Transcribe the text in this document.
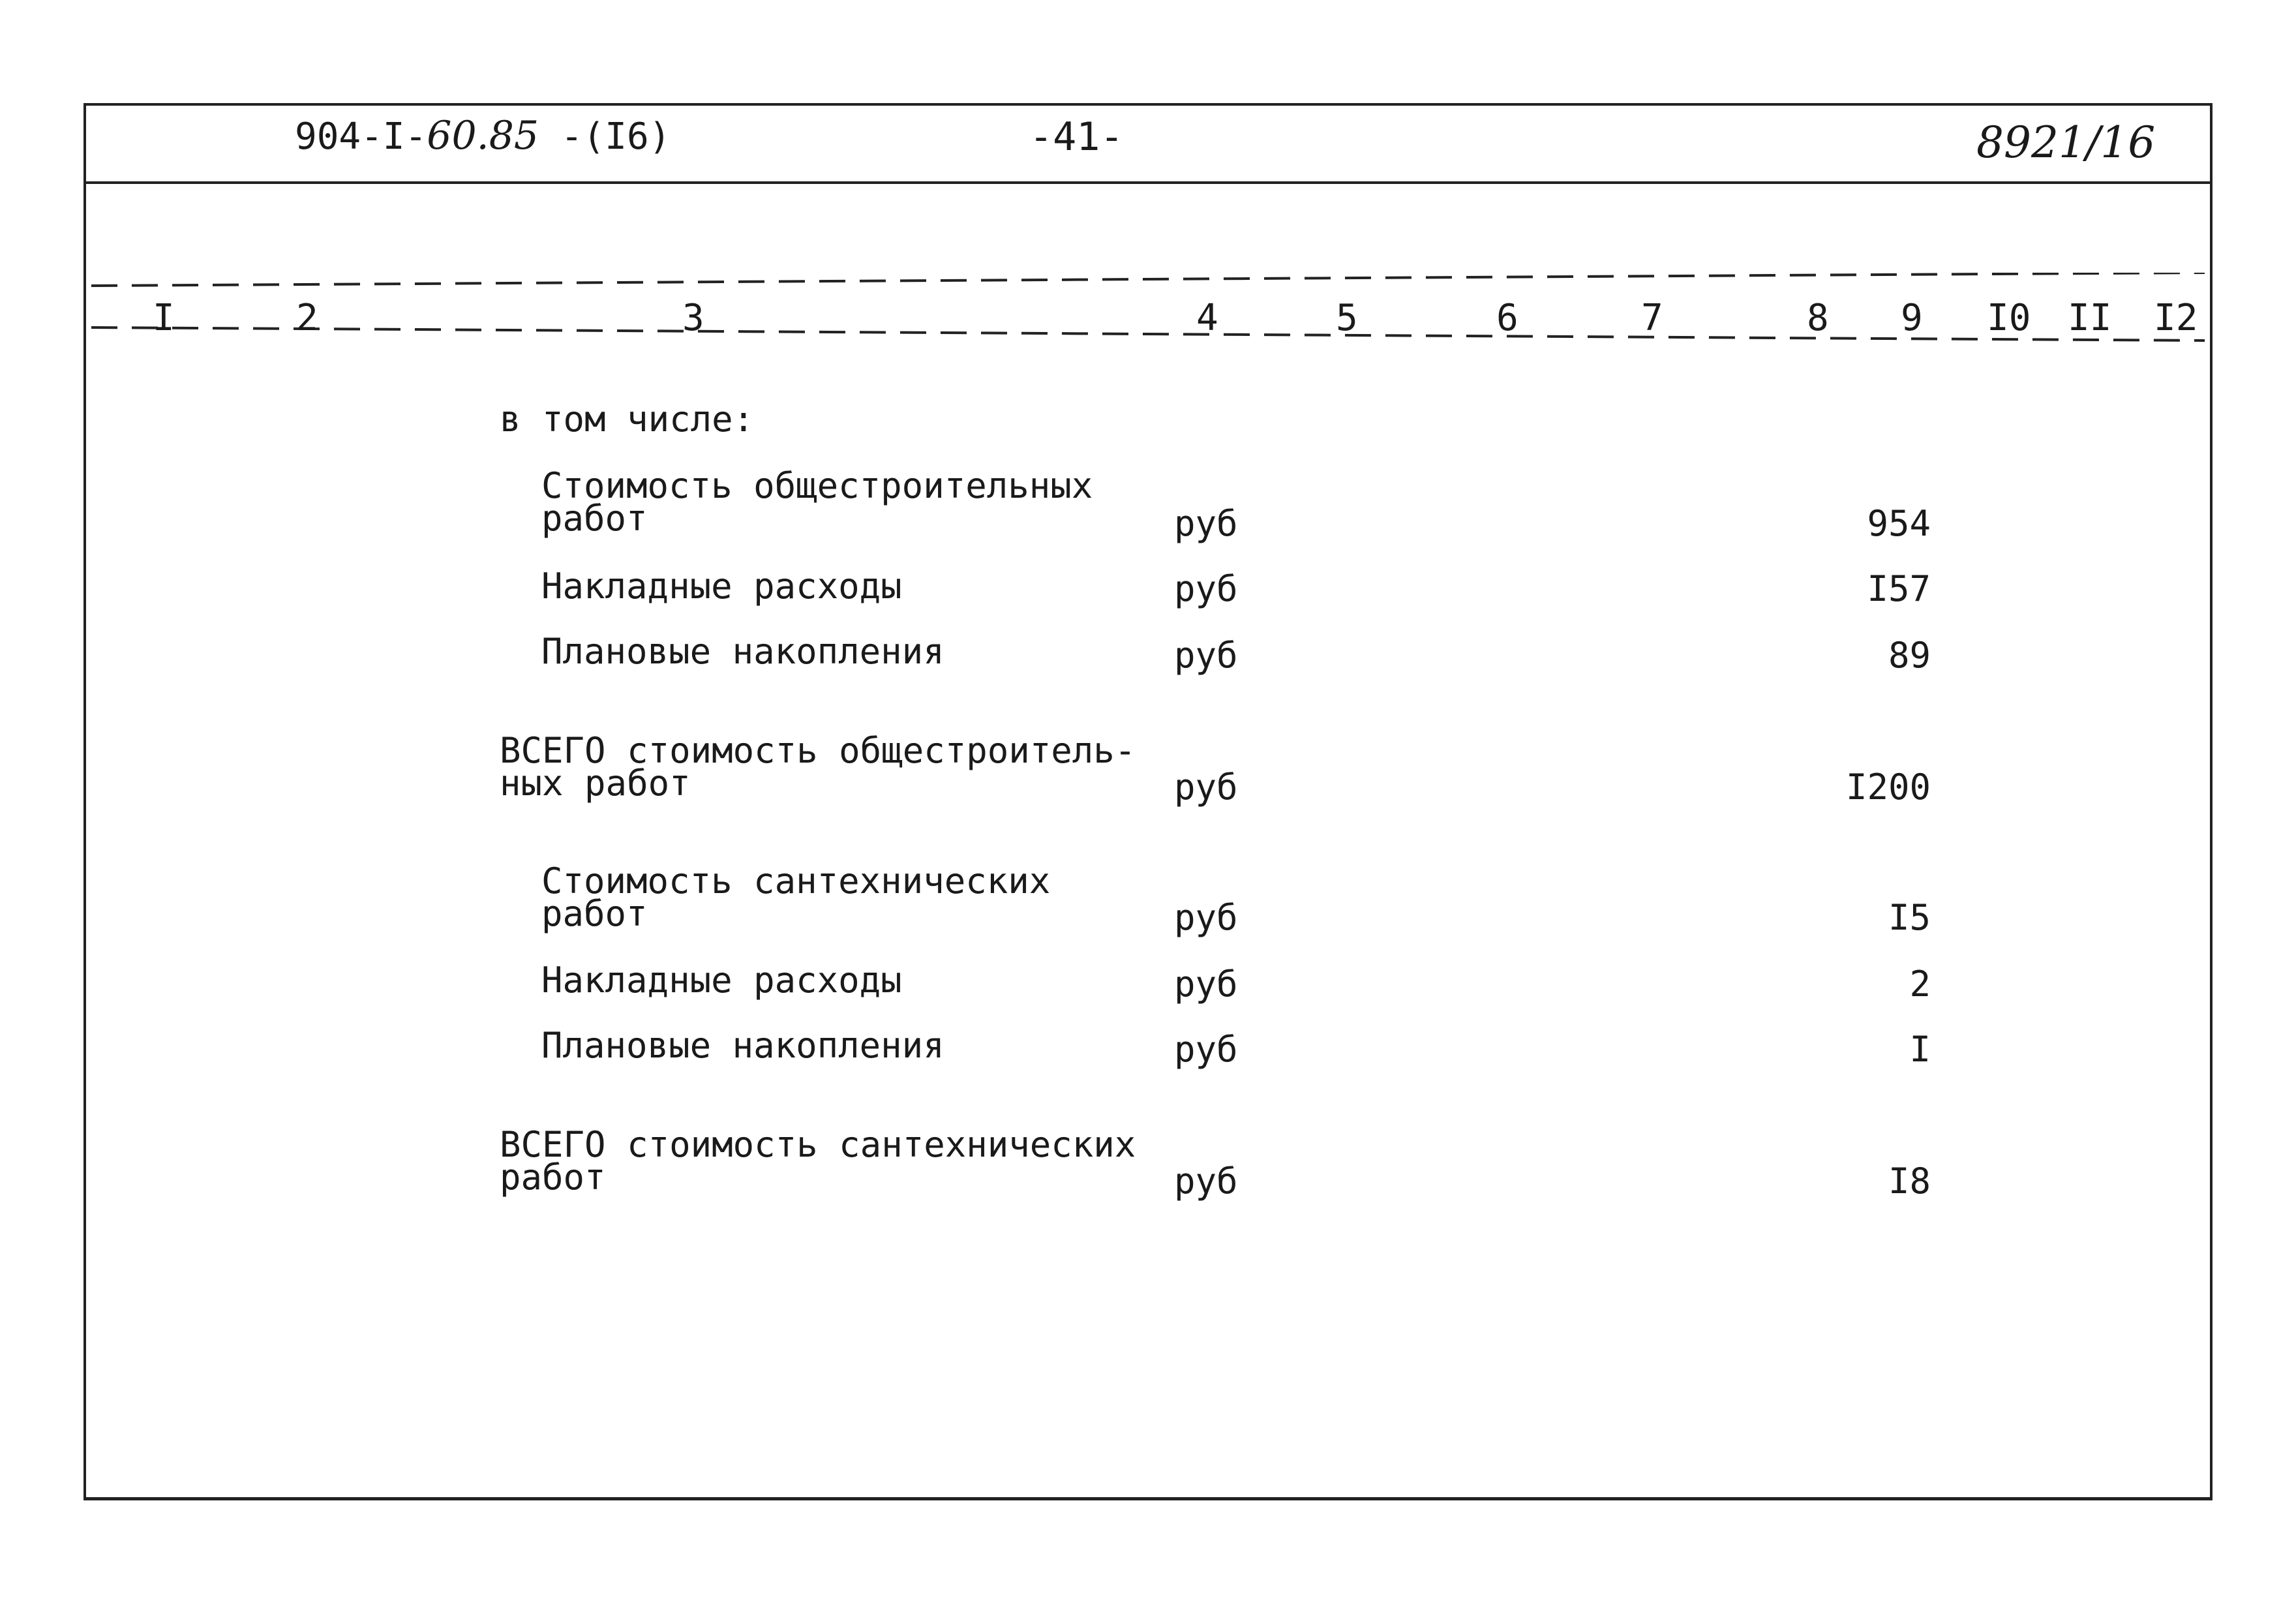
904-I-60.85 -(I6)	-41-	8921/16
I	2	3	4	5	6	7	8 9 I0 II I2
в том числе:
Стоимость общестроительных
работ	руб	954
Накладные расходы	руб	I57
Плановые накопления	руб	89
ВСЕГО стоимость общестроитель-
ных работ	руб	I200
Стоимость сантехнических
работ	руб	I5
Накладные расходы	руб	2
Плановые накопления	руб	I
ВСЕГО стоимость сантехнических
работ	руб	I8
